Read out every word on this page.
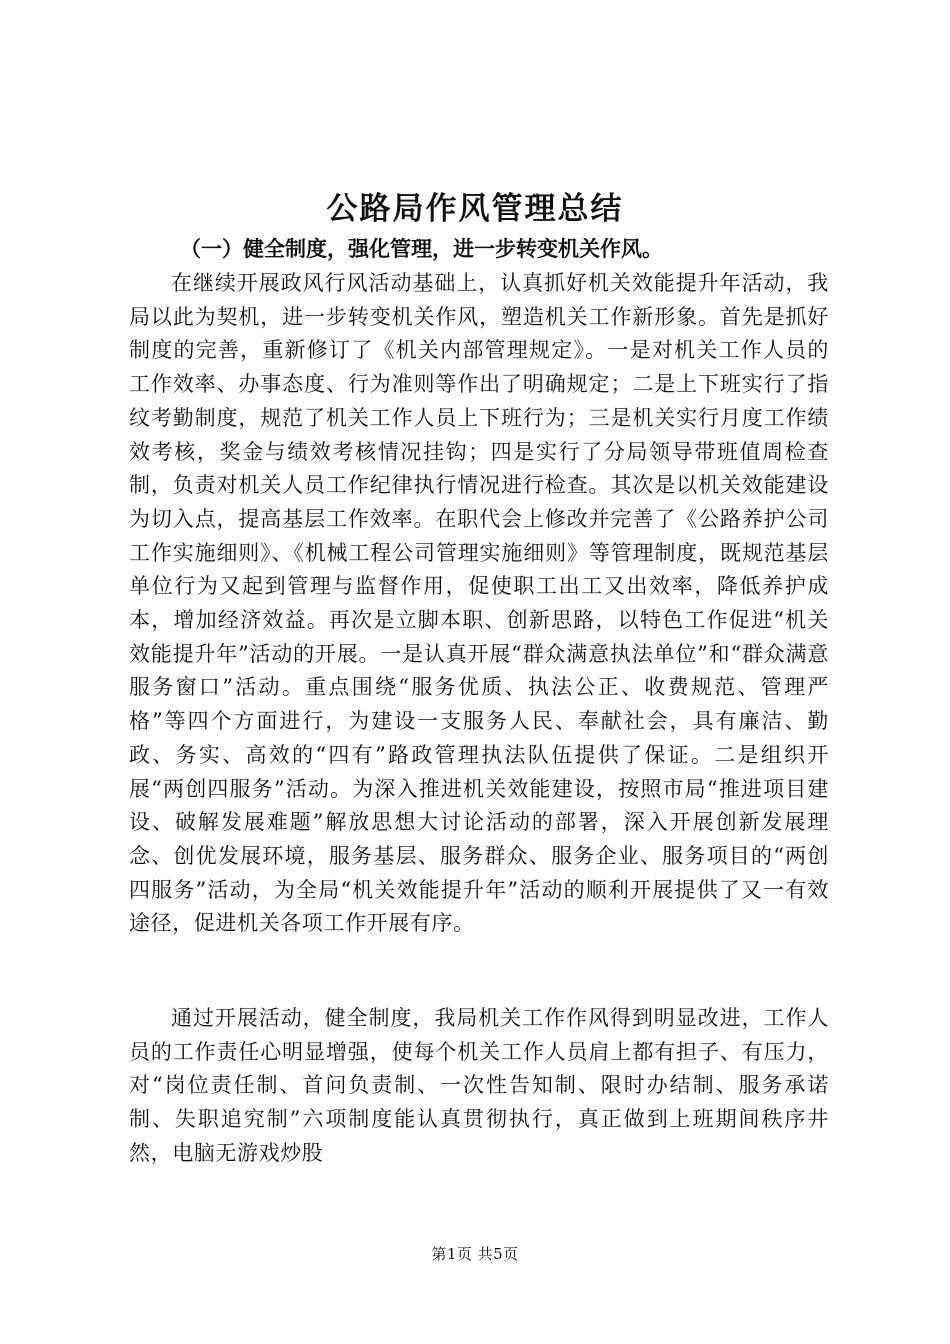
公路局作风管理总结
（一）健全制度，强化管理，进一步转变机关作风。

在继续开展政风行风活动基础上，认真抓好机关效能提升年活动，我局以此为契机，进一步转变机关作风，塑造机关工作新形象。首先是抓好制度的完善，重新修订了《机关内部管理规定》。一是对机关工作人员的工作效率、办事态度、行为准则等作出了明确规定；二是上下班实行了指纹考勤制度，规范了机关工作人员上下班行为；三是机关实行月度工作绩效考核，奖金与绩效考核情况挂钩；四是实行了分局领导带班值周检查制，负责对机关人员工作纪律执行情况进行检查。其次是以机关效能建设为切入点，提高基层工作效率。在职代会上修改并完善了《公路养护公司工作实施细则》、《机械工程公司管理实施细则》等管理制度，既规范基层单位行为又起到管理与监督作用，促使职工出工又出效率，降低养护成本，增加经济效益。再次是立脚本职、创新思路，以特色工作促进“机关效能提升年”活动的开展。一是认真开展“群众满意执法单位”和“群众满意服务窗口”活动。重点围绕“服务优质、执法公正、收费规范、管理严格”等四个方面进行，为建设一支服务人民、奉献社会，具有廉洁、勤政、务实、高效的“四有”路政管理执法队伍提供了保证。二是组织开展“两创四服务”活动。为深入推进机关效能建设，按照市局“推进项目建设、破解发展难题”解放思想大讨论活动的部署，深入开展创新发展理念、创优发展环境，服务基层、服务群众、服务企业、服务项目的“两创四服务”活动，为全局“机关效能提升年”活动的顺利开展提供了又一有效途径，促进机关各项工作开展有序。

通过开展活动，健全制度，我局机关工作作风得到明显改进，工作人员的工作责任心明显增强，使每个机关工作人员肩上都有担子、有压力，对“岗位责任制、首问负责制、一次性告知制、限时办结制、服务承诺制、失职追究制”六项制度能认真贯彻执行，真正做到上班期间秩序井然，电脑无游戏炒股

第1页 共5页
